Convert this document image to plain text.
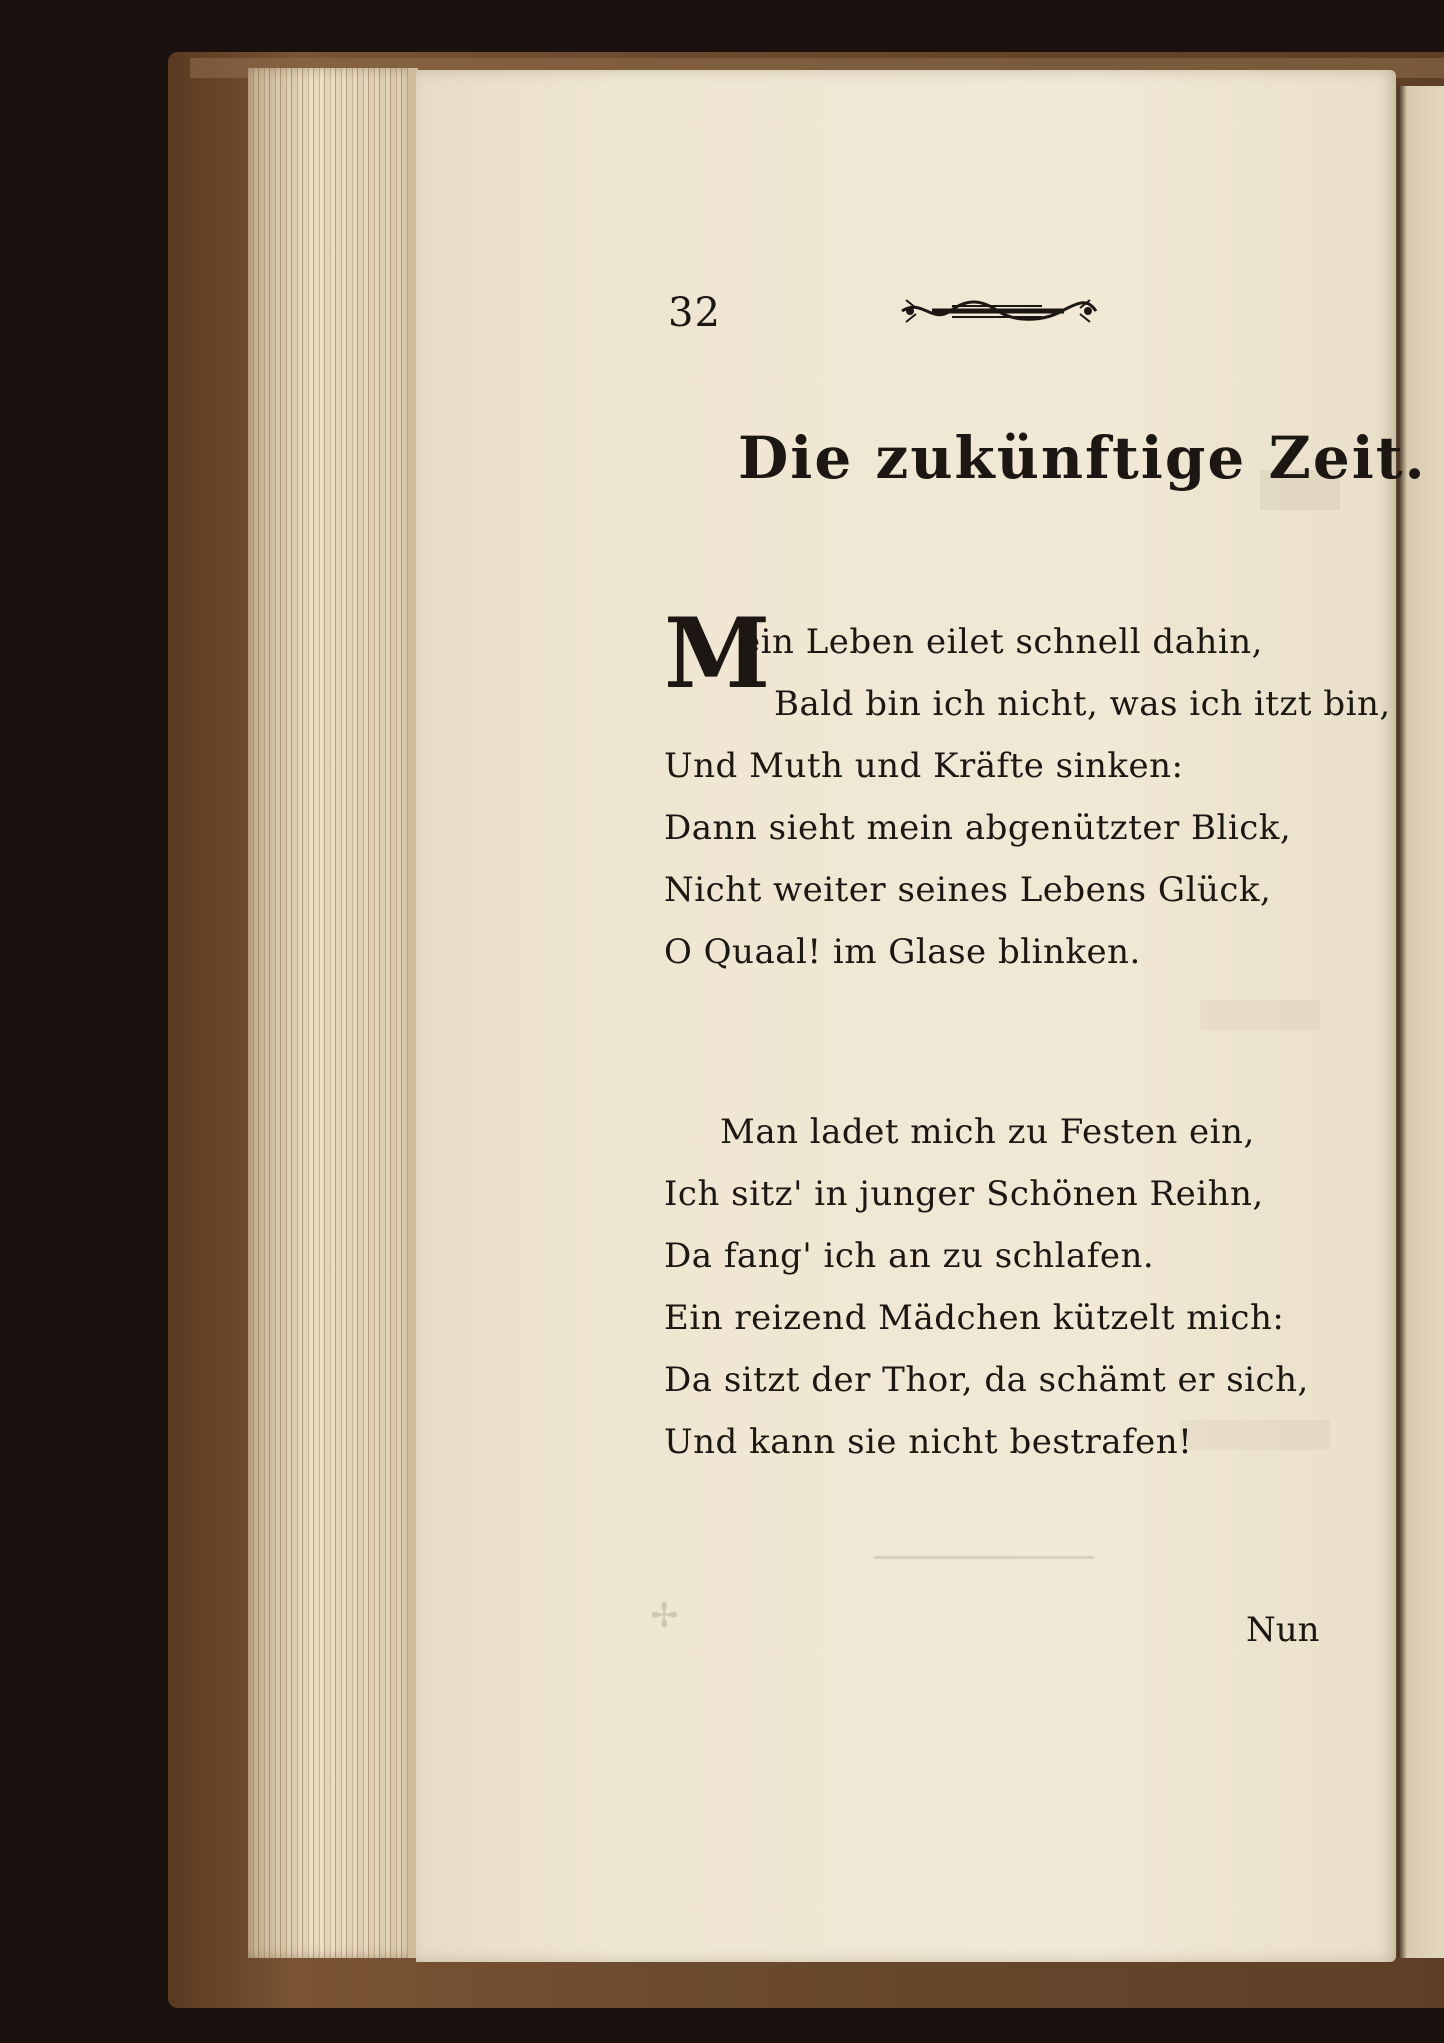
32
Die zukünftige Zeit.
M
ein Leben eilet schnell dahin,
Bald bin ich nicht, was ich itzt bin,
Und Muth und Kräfte sinken:
Dann sieht mein abgenützter Blick,
Nicht weiter seines Lebens Glück,
O Quaal! im Glase blinken.
Man ladet mich zu Festen ein,
Ich sitz' in junger Schönen Reihn,
Da fang' ich an zu schlafen.
Ein reizend Mädchen kützelt mich:
Da sitzt der Thor, da schämt er sich,
Und kann sie nicht bestrafen!
✢	Nun
